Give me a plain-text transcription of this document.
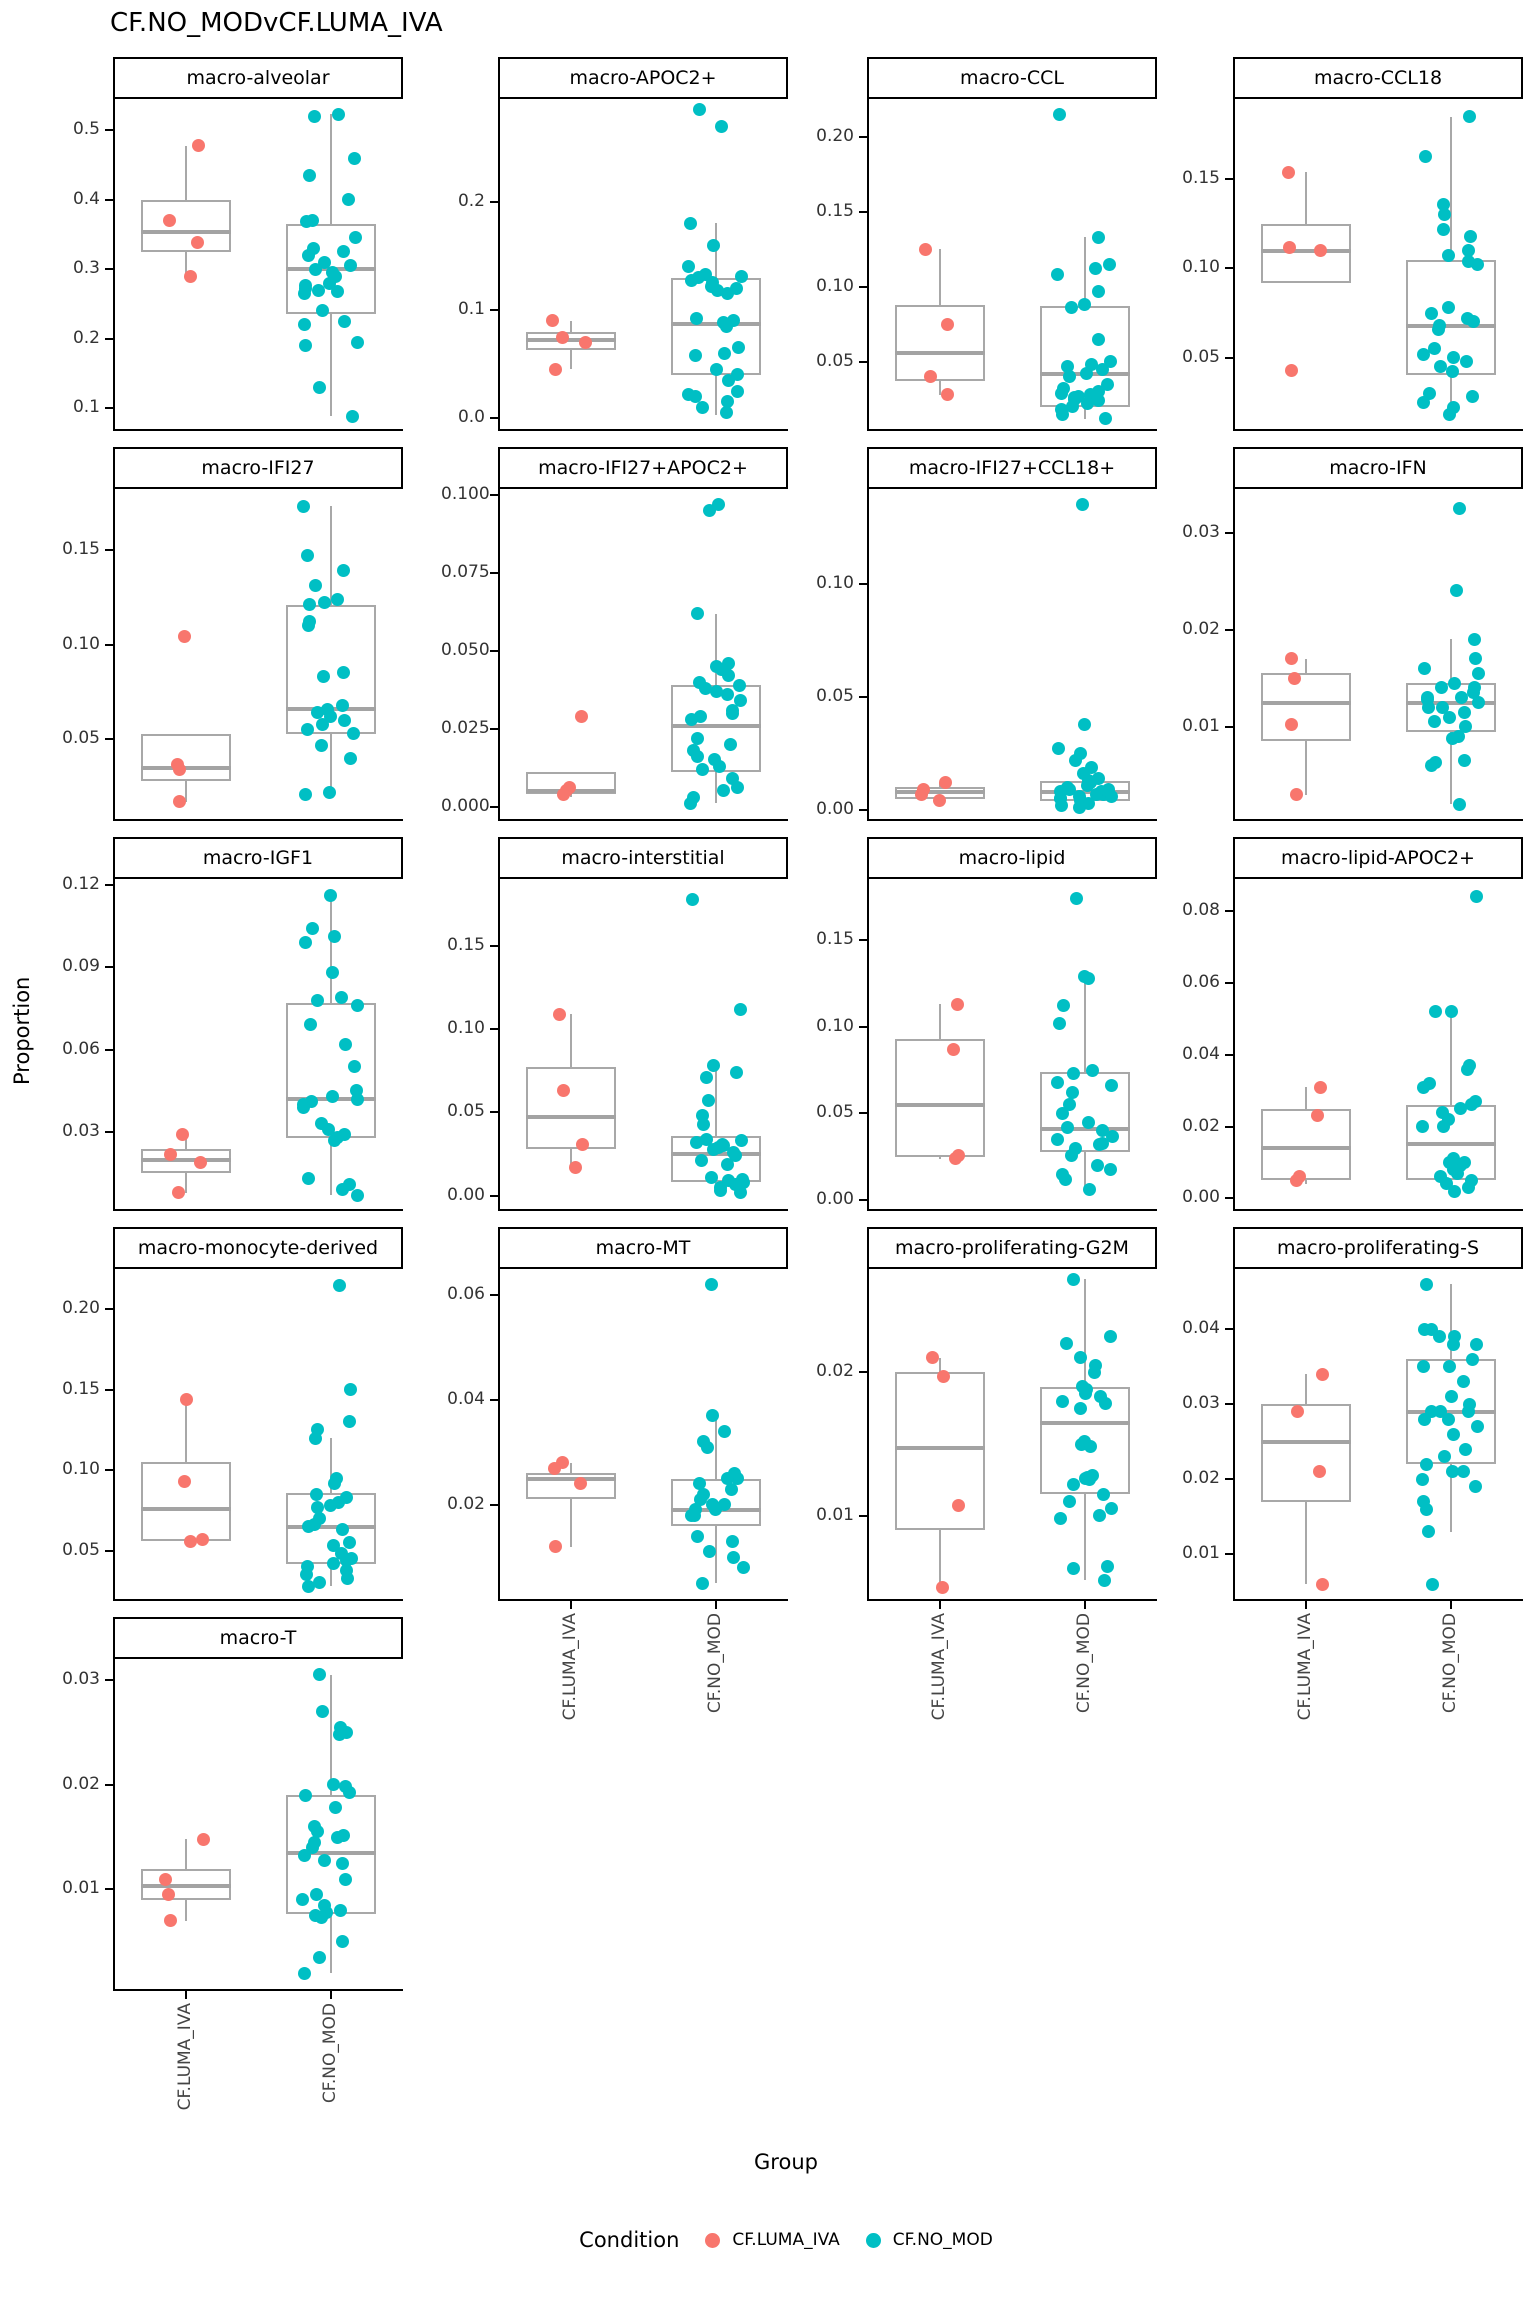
CF.NO_MODvCF.LUMA_IVA
Proportion
macro-alveolar
0.1
0.2
0.3
0.4
0.5
macro-APOC2+
0.0
0.1
0.2
macro-CCL
0.05
0.10
0.15
0.20
macro-CCL18
0.05
0.10
0.15
macro-IFI27
0.05
0.10
0.15
macro-IFI27+APOC2+
0.000
0.025
0.050
0.075
0.100
macro-IFI27+CCL18+
0.00
0.05
0.10
macro-IFN
0.01
0.02
0.03
macro-IGF1
0.03
0.06
0.09
0.12
macro-interstitial
0.00
0.05
0.10
0.15
macro-lipid
0.00
0.05
0.10
0.15
macro-lipid-APOC2+
0.00
0.02
0.04
0.06
0.08
macro-monocyte-derived
0.05
0.10
0.15
0.20
macro-MT
0.02
0.04
0.06
CF.LUMA_IVA	CF.NO_MOD
macro-proliferating-G2M
0.01
0.02
CF.LUMA_IVA	CF.NO_MOD
macro-proliferating-S
0.01
0.02
0.03
0.04
CF.LUMA_IVA	CF.NO_MOD
macro-T
0.01
0.02
0.03
CF.LUMA_IVA	CF.NO_MOD
Group
Condition	CF.LUMA_IVA	CF.NO_MOD
